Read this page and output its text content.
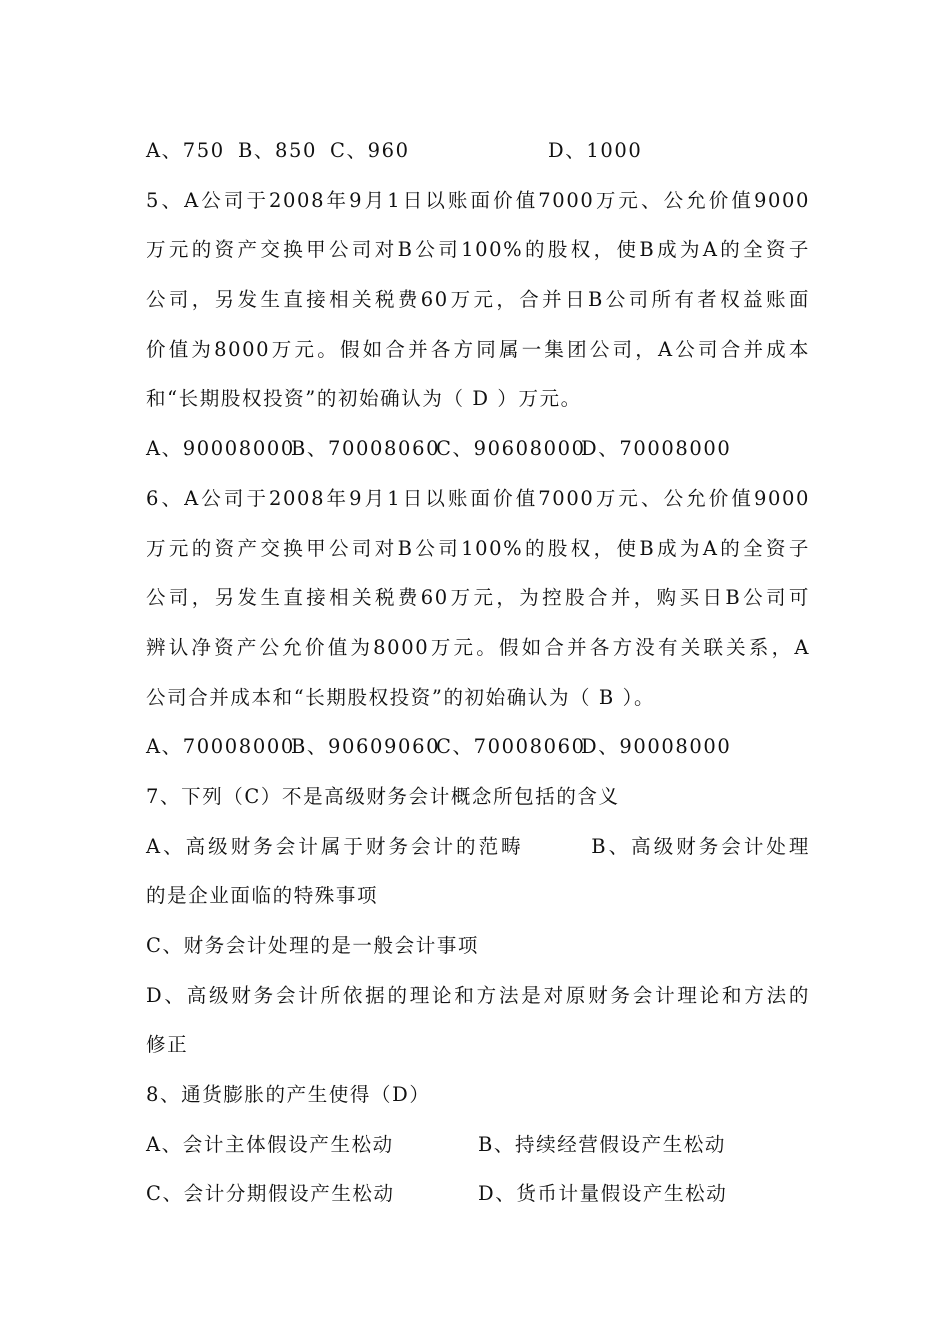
A、750 B、850 C、960	D、1000
5、A公司于2008年9月1日以账面价值7000万元、公允价值9000
万元的资产交换甲公司对B公司100%的股权，使B成为A的全资子
公司，另发生直接相关税费60万元，合并日B公司所有者权益账面
价值为8000万元。假如合并各方同属一集团公司，A公司合并成本
和“长期股权投资”的初始确认为（ D ）万元。
A、90008000
B、70008060
C、90608000
D、70008000
6、A公司于2008年9月1日以账面价值7000万元、公允价值9000
万元的资产交换甲公司对B公司100%的股权，使B成为A的全资子
公司，另发生直接相关税费60万元，为控股合并，购买日B公司可
辨认净资产公允价值为8000万元。假如合并各方没有关联关系，A
公司合并成本和“长期股权投资”的初始确认为（ B ）。
A、70008000
B、90609060
C、70008060
D、90008000
7、下列（C）不是高级财务会计概念所包括的含义
A、高级财务会计属于财务会计的范畴　　　B、高级财务会计处理
的是企业面临的特殊事项
C、财务会计处理的是一般会计事项
D、高级财务会计所依据的理论和方法是对原财务会计理论和方法的
修正
8、通货膨胀的产生使得（D）
A、会计主体假设产生松动	B、持续经营假设产生松动
C、会计分期假设产生松动	D、货币计量假设产生松动
